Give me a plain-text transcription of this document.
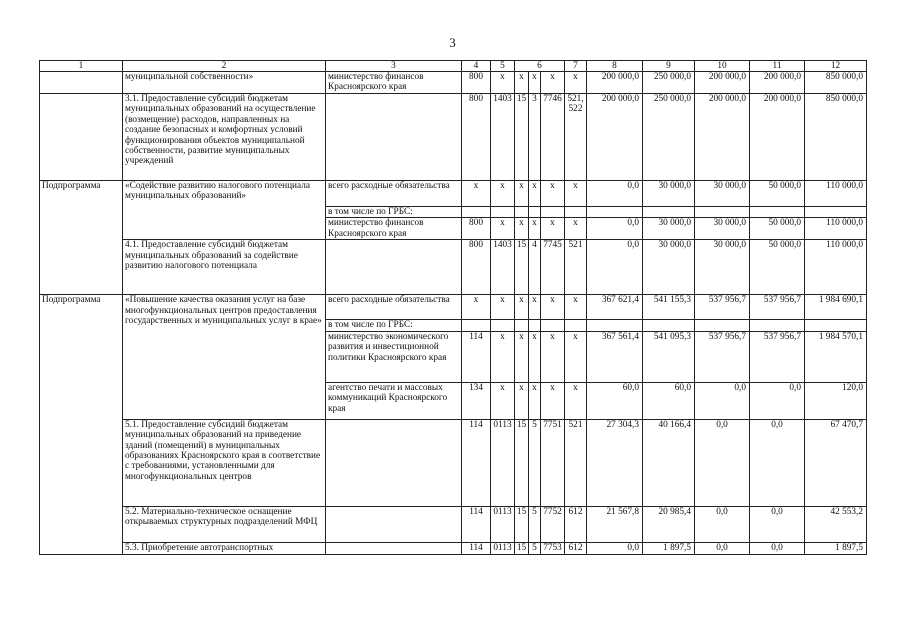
3
1	2	3	4	5	6			7	8	9	10	11	12
	муниципальной собственности»	министерство финансов Красноярского края	800	х	х	х	х	х	200 000,0	250 000,0	200 000,0	200 000,0	850 000,0
	3.1. Предоставление субсидий бюджетам муниципальных образований на осуществление (возмещение) расходов, направленных на создание безопасных и комфортных условий функционирования объектов муниципальной собственности, развитие муниципальных учреждений		800	1403	15	3	7746	521, 522	200 000,0	250 000,0	200 000,0	200 000,0	850 000,0
Подпрограмма	«Содействие развитию налогового потенциала муниципальных образований»	всего расходные обязательства	х	х	х	х	х	х	0,0	30 000,0	30 000,0	50 000,0	110 000,0
		в том числе по ГРБС:											
		министерство финансов Красноярского края	800	х	х	х	х	х	0,0	30 000,0	30 000,0	50 000,0	110 000,0
	4.1. Предоставление субсидий бюджетам муниципальных образований за содействие развитию налогового потенциала		800	1403	15	4	7745	521	0,0	30 000,0	30 000,0	50 000,0	110 000,0
Подпрограмма	«Повышение качества оказания услуг на базе многофункциональных центров предоставления государственных и муниципальных услуг в крае»	всего расходные обязательства	х	х	х	х	х	х	367 621,4	541 155,3	537 956,7	537 956,7	1 984 690,1
		в том числе по ГРБС:											
		министерство экономического развития и инвестиционной политики Красноярского края	114	х	х	х	х	х	367 561,4	541 095,3	537 956,7	537 956,7	1 984 570,1
		агентство печати и массовых коммуникаций Красноярского края	134	х	х	х	х	х	60,0	60,0	0,0	0,0	120,0
	5.1. Предоставление субсидий бюджетам муниципальных образований на приведение зданий (помещений) в муниципальных образованиях Красноярского края в соответствие с требованиями, установленными для многофункциональных центров		114	0113	15	5	7751	521	27 304,3	40 166,4	0,0	0,0	67 470,7
	5.2. Материально-техническое оснащение открываемых структурных подразделений МФЦ		114	0113	15	5	7752	612	21 567,8	20 985,4	0,0	0,0	42 553,2
	5.3. Приобретение автотранспортных		114	0113	15	5	7753	612	0,0	1 897,5	0,0	0,0	1 897,5
